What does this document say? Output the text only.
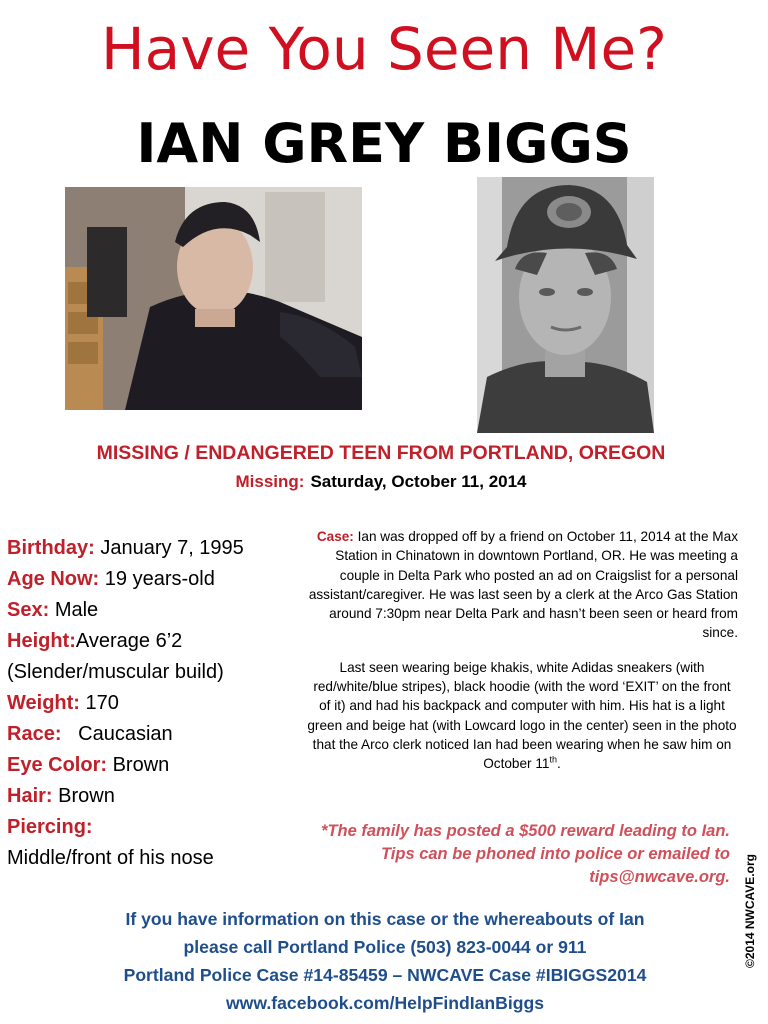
Have You Seen Me?
IAN GREY BIGGS
MISSING / ENDANGERED TEEN FROM PORTLAND, OREGON
Missing: Saturday, October 11, 2014
Birthday: January 7, 1995
Age Now: 19 years-old
Sex: Male
Height:Average 6’2
(Slender/muscular build)
Weight: 170
Race: Caucasian
Eye Color: Brown
Hair: Brown
Piercing:
Middle/front of his nose

Case: Ian was dropped off by a friend on October 11, 2014 at the Max Station in Chinatown in downtown Portland, OR. He was meeting a couple in Delta Park who posted an ad on Craigslist for a personal assistant/caregiver. He was last seen by a clerk at the Arco Gas Station around 7:30pm near Delta Park and hasn’t been seen or heard from since.

Last seen wearing beige khakis, white Adidas sneakers (with red/white/blue stripes), black hoodie (with the word ‘EXIT’ on the front of it) and had his backpack and computer with him. His hat is a light green and beige hat (with Lowcard logo in the center) seen in the photo that the Arco clerk noticed Ian had been wearing when he saw him on October 11th.

*The family has posted a $500 reward leading to Ian. Tips can be phoned into police or emailed to tips@nwcave.org. ©2014 NWCAVE.org
If you have information on this case or the whereabouts of Ian
please call Portland Police (503) 823-0044 or 911
Portland Police Case #14-85459 – NWCAVE Case #IBIGGS2014
www.facebook.com/HelpFindIanBiggs
